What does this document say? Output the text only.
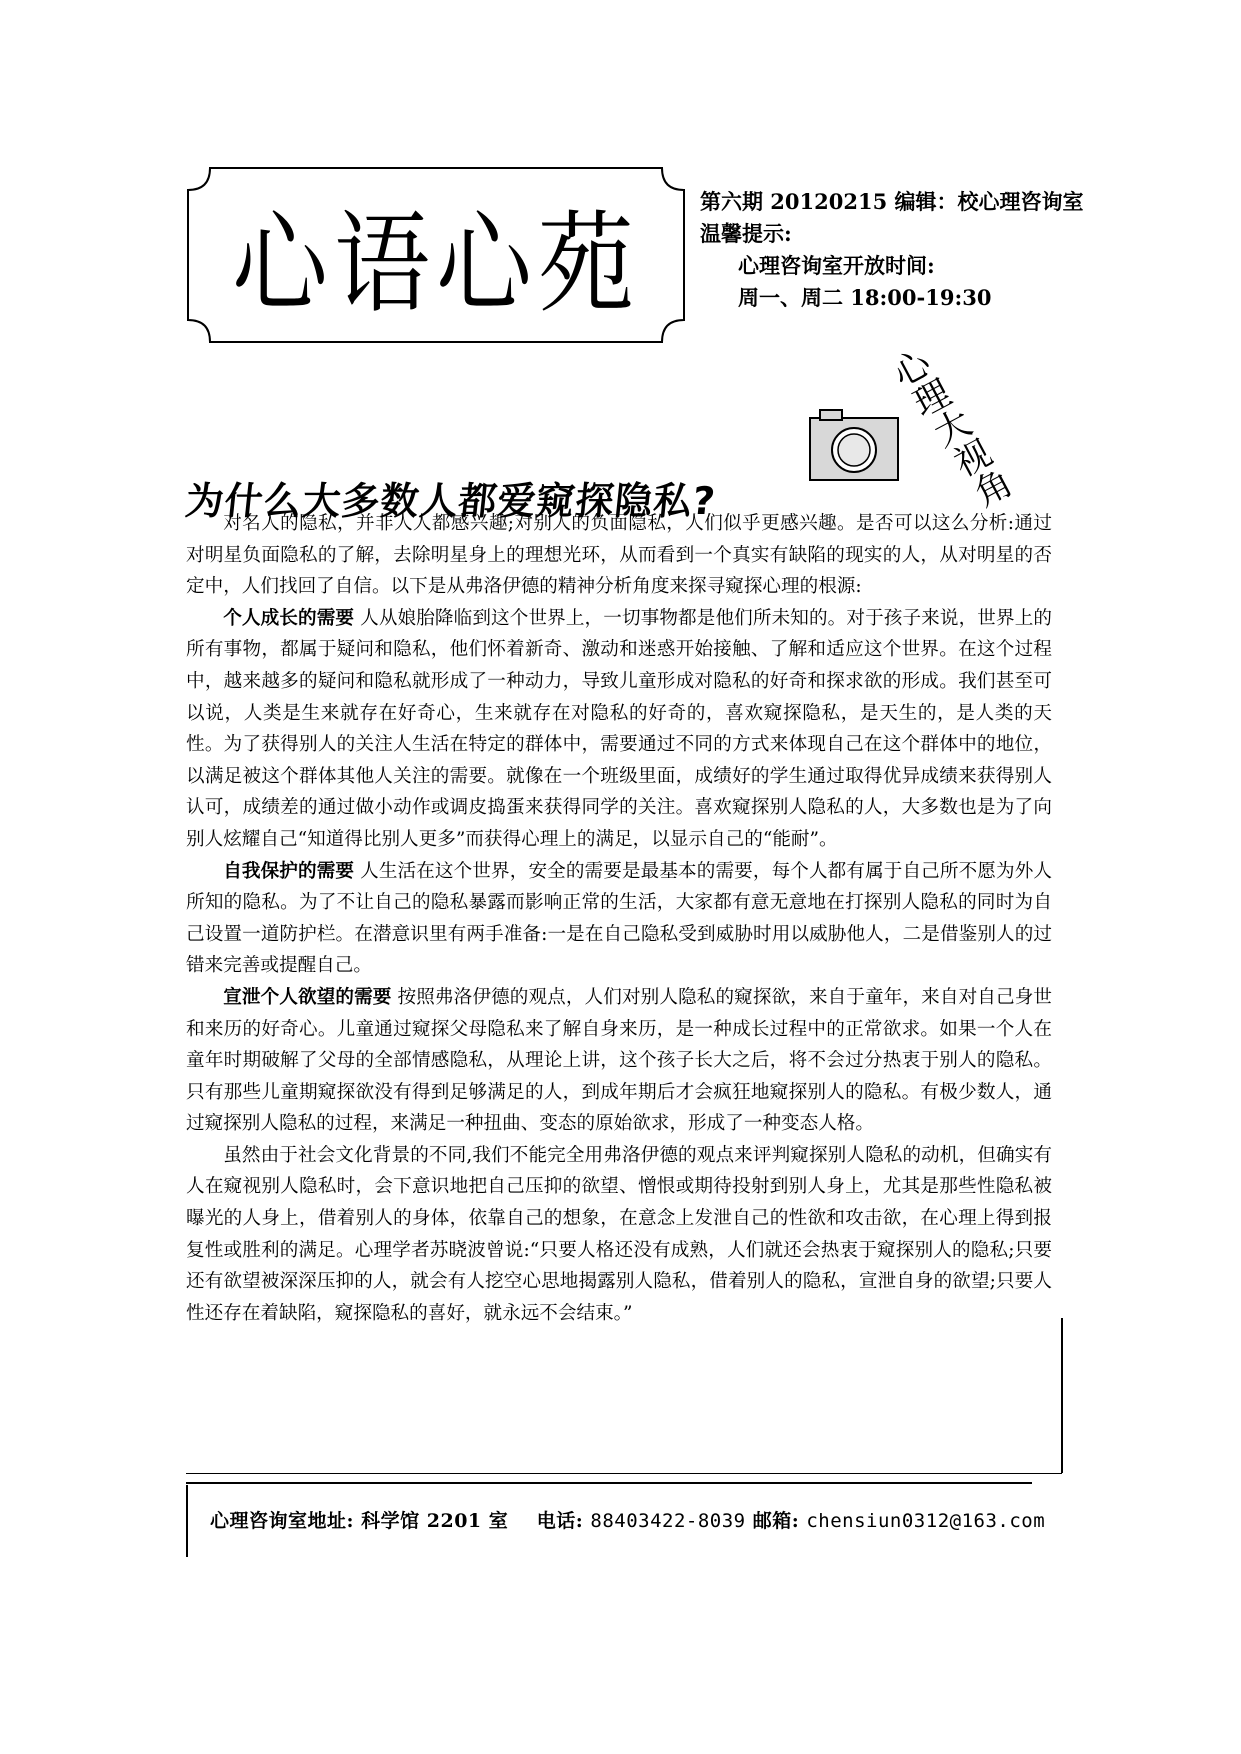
心语心苑	第六期 20120215 编辑：校心理咨询室
温馨提示:
心理咨询室开放时间:
周一、周二 18:00-19:30
为什么大多数人都爱窥探隐私?
心
理
大
视
角

对名人的隐私，并非人人都感兴趣;对别人的负面隐私，人们似乎更感兴趣。是否可以这么分析:通过对明星负面隐私的了解，去除明星身上的理想光环，从而看到一个真实有缺陷的现实的人，从对明星的否定中，人们找回了自信。以下是从弗洛伊德的精神分析角度来探寻窥探心理的根源:

个人成长的需要 人从娘胎降临到这个世界上，一切事物都是他们所未知的。对于孩子来说，世界上的所有事物，都属于疑问和隐私，他们怀着新奇、激动和迷惑开始接触、了解和适应这个世界。在这个过程中，越来越多的疑问和隐私就形成了一种动力，导致儿童形成对隐私的好奇和探求欲的形成。我们甚至可以说，人类是生来就存在好奇心，生来就存在对隐私的好奇的，喜欢窥探隐私，是天生的，是人类的天性。为了获得别人的关注人生活在特定的群体中，需要通过不同的方式来体现自己在这个群体中的地位，以满足被这个群体其他人关注的需要。就像在一个班级里面，成绩好的学生通过取得优异成绩来获得别人认可，成绩差的通过做小动作或调皮捣蛋来获得同学的关注。喜欢窥探别人隐私的人，大多数也是为了向别人炫耀自己“知道得比别人更多”而获得心理上的满足，以显示自己的“能耐”。

自我保护的需要 人生活在这个世界，安全的需要是最基本的需要，每个人都有属于自己所不愿为外人所知的隐私。为了不让自己的隐私暴露而影响正常的生活，大家都有意无意地在打探别人隐私的同时为自己设置一道防护栏。在潜意识里有两手准备:一是在自己隐私受到威胁时用以威胁他人，二是借鉴别人的过错来完善或提醒自己。

宣泄个人欲望的需要 按照弗洛伊德的观点，人们对别人隐私的窥探欲，来自于童年，来自对自己身世和来历的好奇心。儿童通过窥探父母隐私来了解自身来历，是一种成长过程中的正常欲求。如果一个人在童年时期破解了父母的全部情感隐私，从理论上讲，这个孩子长大之后，将不会过分热衷于别人的隐私。只有那些儿童期窥探欲没有得到足够满足的人，到成年期后才会疯狂地窥探别人的隐私。有极少数人，通过窥探别人隐私的过程，来满足一种扭曲、变态的原始欲求，形成了一种变态人格。

虽然由于社会文化背景的不同,我们不能完全用弗洛伊德的观点来评判窥探别人隐私的动机，但确实有人在窥视别人隐私时，会下意识地把自己压抑的欲望、憎恨或期待投射到别人身上，尤其是那些性隐私被曝光的人身上，借着别人的身体，依靠自己的想象，在意念上发泄自己的性欲和攻击欲，在心理上得到报复性或胜利的满足。心理学者苏晓波曾说:“只要人格还没有成熟，人们就还会热衷于窥探别人的隐私;只要还有欲望被深深压抑的人，就会有人挖空心思地揭露别人隐私，借着别人的隐私，宣泄自身的欲望;只要人性还存在着缺陷，窥探隐私的喜好，就永远不会结束。”

心理咨询室地址: 科学馆 2201 室 电话: 88403422-8039 邮箱: chensiun0312@163.com
